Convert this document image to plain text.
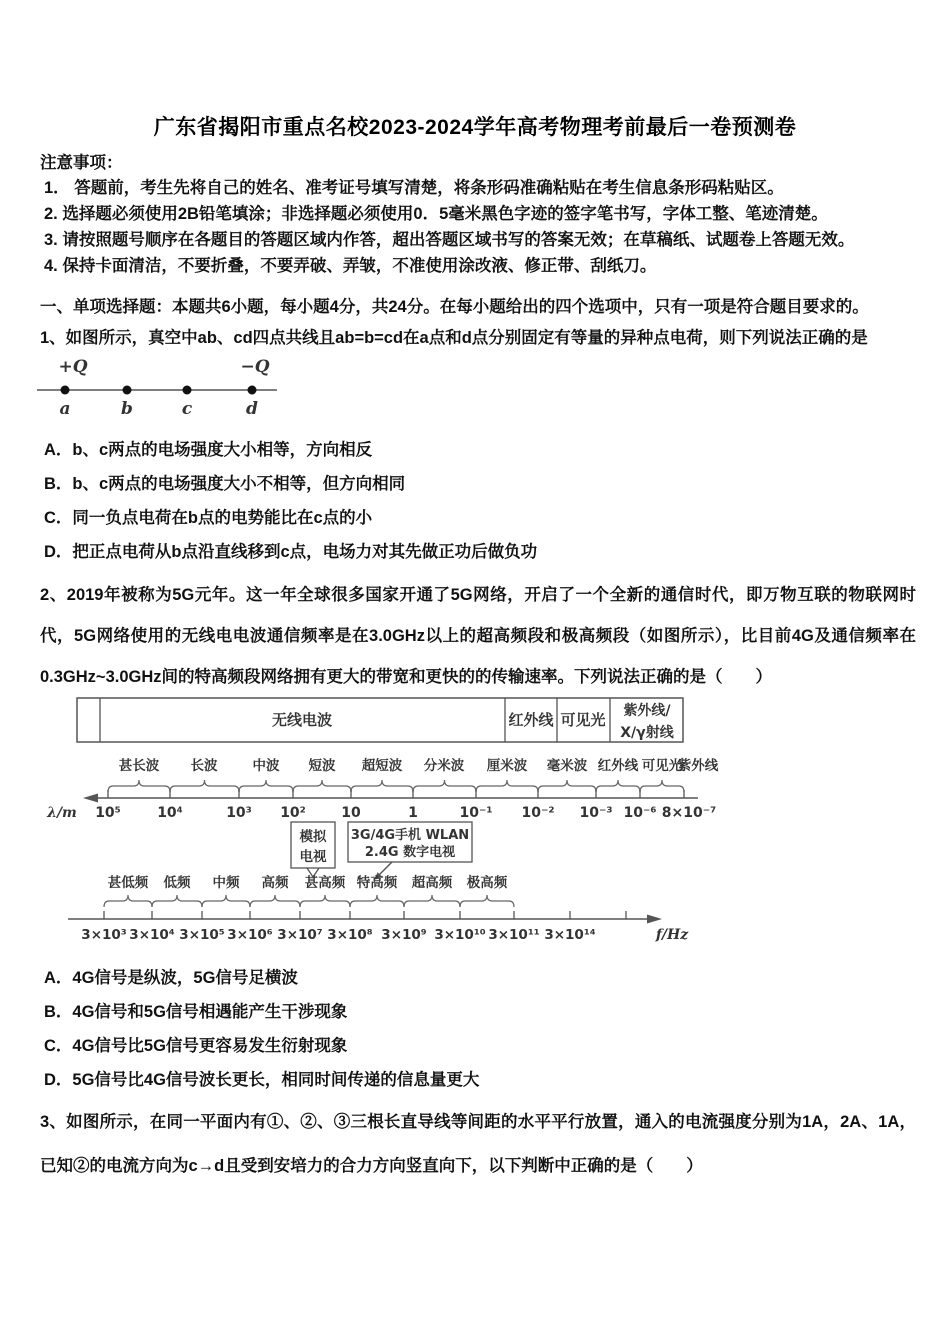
广东省揭阳市重点名校2023-2024学年高考物理考前最后一卷预测卷
注意事项：
1． 答题前，考生先将自己的姓名、准考证号填写清楚，将条形码准确粘贴在考生信息条形码粘贴区。
2. 选择题必须使用2B铅笔填涂；非选择题必须使用0．5毫米黑色字迹的签字笔书写，字体工整、笔迹清楚。
3. 请按照题号顺序在各题目的答题区域内作答，超出答题区域书写的答案无效；在草稿纸、试题卷上答题无效。
4. 保持卡面清洁，不要折叠，不要弄破、弄皱，不准使用涂改液、修正带、刮纸刀。
一、单项选择题：本题共6小题，每小题4分，共24分。在每小题给出的四个选项中，只有一项是符合题目要求的。
1、如图所示，真空中ab、cd四点共线且ab=b=cd在a点和d点分别固定有等量的异种点电荷，则下列说法正确的是
+Q	−Q
a	b	c	d
A．b、c两点的电场强度大小相等，方向相反
B．b、c两点的电场强度大小不相等，但方向相同
C．同一负点电荷在b点的电势能比在c点的小
D．把正点电荷从b点沿直线移到c点，电场力对其先做正功后做负功
2、2019年被称为5G元年。这一年全球很多国家开通了5G网络，开启了一个全新的通信时代，即万物互联的物联网时代，5G网络使用的无线电电波通信频率是在3.0GHz以上的超高频段和极高频段（如图所示），比目前4G及通信频率在0.3GHz~3.0GHz间的特高频段网络拥有更大的带宽和更快的的传输速率。下列说法正确的是（　　）
无线电波	红外线 可见光 紫外线/
X/γ射线
甚长波 长波	中波 短波 超短波 分米波 厘米波 毫米波 红外线 可见光
紫外线
λ/m 10⁵	10⁴	10³ 10²	10	1	10⁻¹ 10⁻² 10⁻³ 10⁻⁶ 8×10⁻⁷
模拟
电视
3G/4G手机 WLAN
2.4G 数字电视
甚低频 低频 中频 高频 甚高频 特高频 超高频 极高频
3×10³ 3×10⁴ 3×10⁵ 3×10⁶ 3×10⁷ 3×10⁸ 3×10⁹ 3×10¹⁰ 3×10¹¹ 3×10¹⁴	f/Hz
A．4G信号是纵波，5G信号足横波
B．4G信号和5G信号相遇能产生干涉现象
C．4G信号比5G信号更容易发生衍射现象
D．5G信号比4G信号波长更长，相同时间传递的信息量更大
3、如图所示，在同一平面内有①、②、③三根长直导线等间距的水平平行放置，通入的电流强度分别为1A，2A、1A，已知②的电流方向为c→d且受到安培力的合力方向竖直向下，以下判断中正确的是（　　）
